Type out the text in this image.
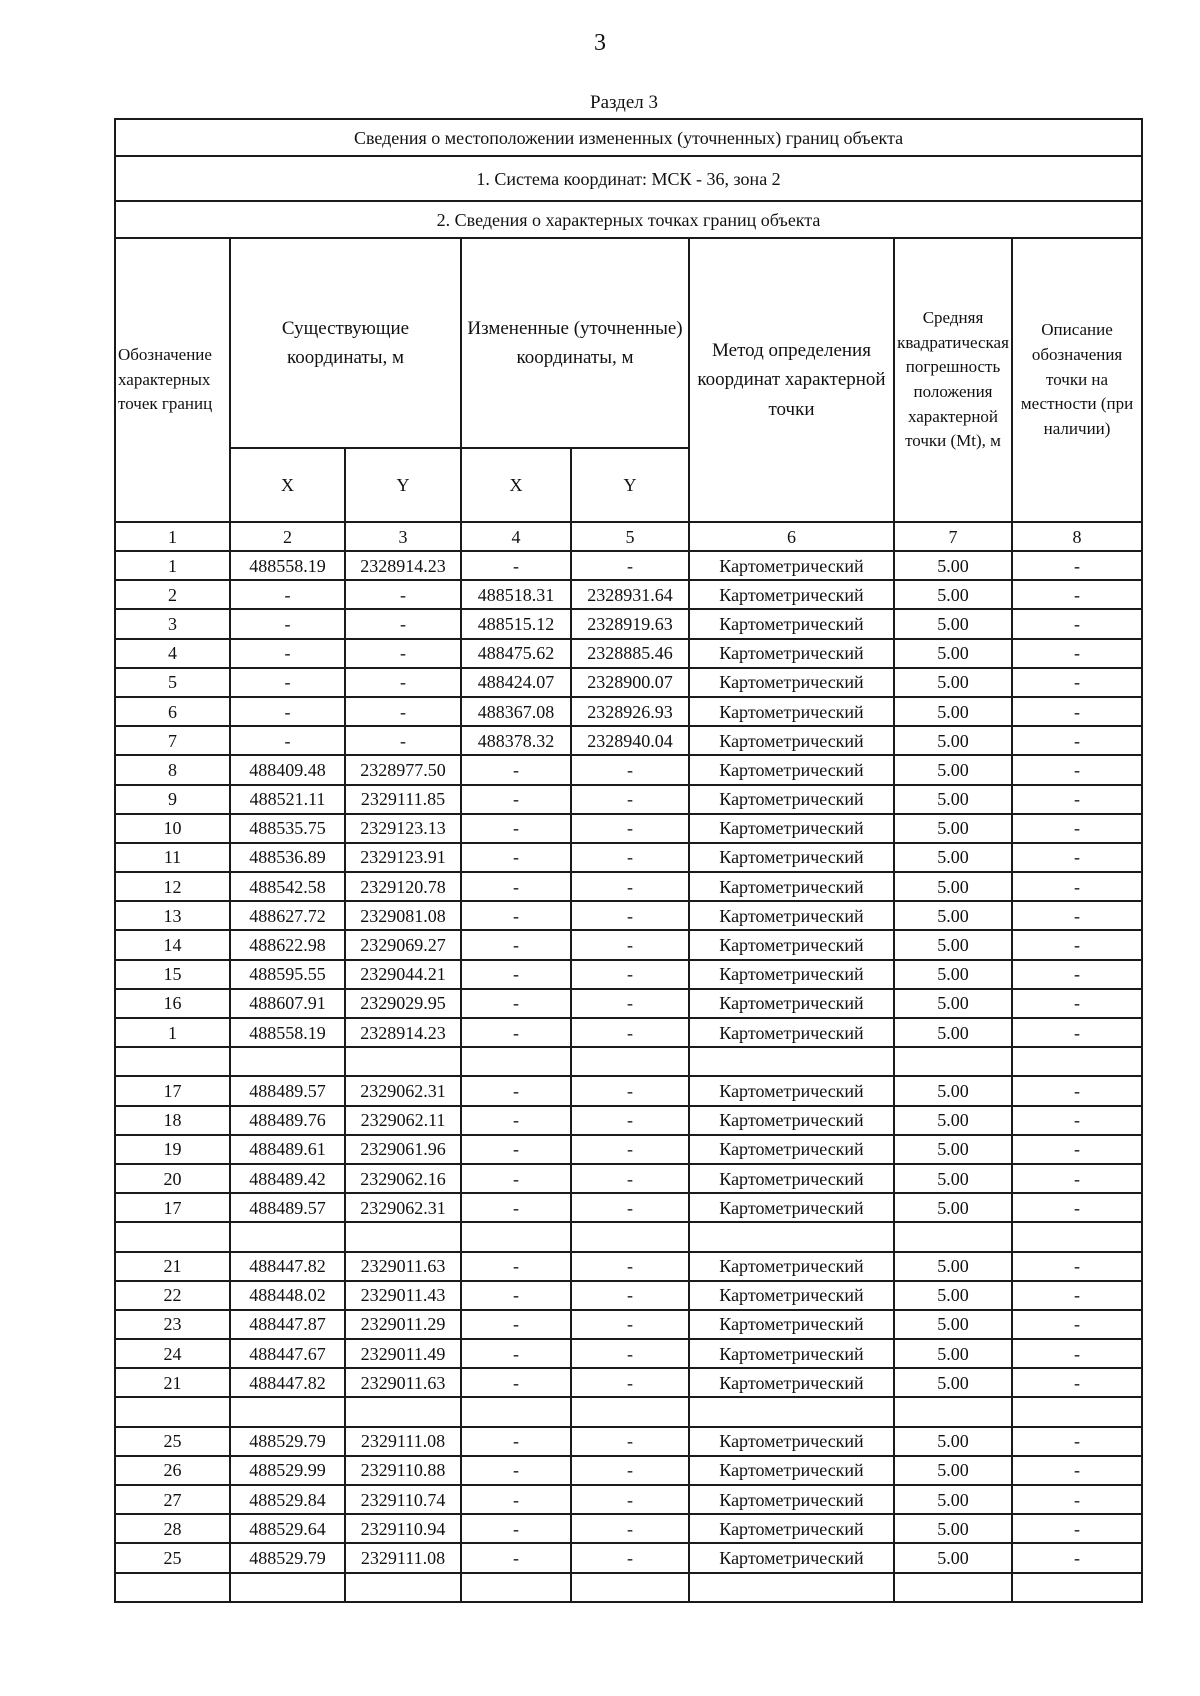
3
Раздел 3
Сведения о местоположении измененных (уточненных) границ объекта							
1. Система координат: МСК - 36, зона 2							
2. Сведения о характерных точках границ объекта							
Обозначение характерных точек границ	Существующие координаты, м		Измененные (уточненные) координаты, м		Метод определения координат характерной точки	Средняя квадратическая погрешность положения характерной точки (Mt), м	Описание обозначения точки на местности (при наличии)
	X	Y	X	Y			
1	2	3	4	5	6	7	8
1	488558.19	2328914.23	-	-	Картометрический	5.00	-
2	-	-	488518.31	2328931.64	Картометрический	5.00	-
3	-	-	488515.12	2328919.63	Картометрический	5.00	-
4	-	-	488475.62	2328885.46	Картометрический	5.00	-
5	-	-	488424.07	2328900.07	Картометрический	5.00	-
6	-	-	488367.08	2328926.93	Картометрический	5.00	-
7	-	-	488378.32	2328940.04	Картометрический	5.00	-
8	488409.48	2328977.50	-	-	Картометрический	5.00	-
9	488521.11	2329111.85	-	-	Картометрический	5.00	-
10	488535.75	2329123.13	-	-	Картометрический	5.00	-
11	488536.89	2329123.91	-	-	Картометрический	5.00	-
12	488542.58	2329120.78	-	-	Картометрический	5.00	-
13	488627.72	2329081.08	-	-	Картометрический	5.00	-
14	488622.98	2329069.27	-	-	Картометрический	5.00	-
15	488595.55	2329044.21	-	-	Картометрический	5.00	-
16	488607.91	2329029.95	-	-	Картометрический	5.00	-
1	488558.19	2328914.23	-	-	Картометрический	5.00	-

17	488489.57	2329062.31	-	-	Картометрический	5.00	-
18	488489.76	2329062.11	-	-	Картометрический	5.00	-
19	488489.61	2329061.96	-	-	Картометрический	5.00	-
20	488489.42	2329062.16	-	-	Картометрический	5.00	-
17	488489.57	2329062.31	-	-	Картометрический	5.00	-

21	488447.82	2329011.63	-	-	Картометрический	5.00	-
22	488448.02	2329011.43	-	-	Картометрический	5.00	-
23	488447.87	2329011.29	-	-	Картометрический	5.00	-
24	488447.67	2329011.49	-	-	Картометрический	5.00	-
21	488447.82	2329011.63	-	-	Картометрический	5.00	-

25	488529.79	2329111.08	-	-	Картометрический	5.00	-
26	488529.99	2329110.88	-	-	Картометрический	5.00	-
27	488529.84	2329110.74	-	-	Картометрический	5.00	-
28	488529.64	2329110.94	-	-	Картометрический	5.00	-
25	488529.79	2329111.08	-	-	Картометрический	5.00	-
